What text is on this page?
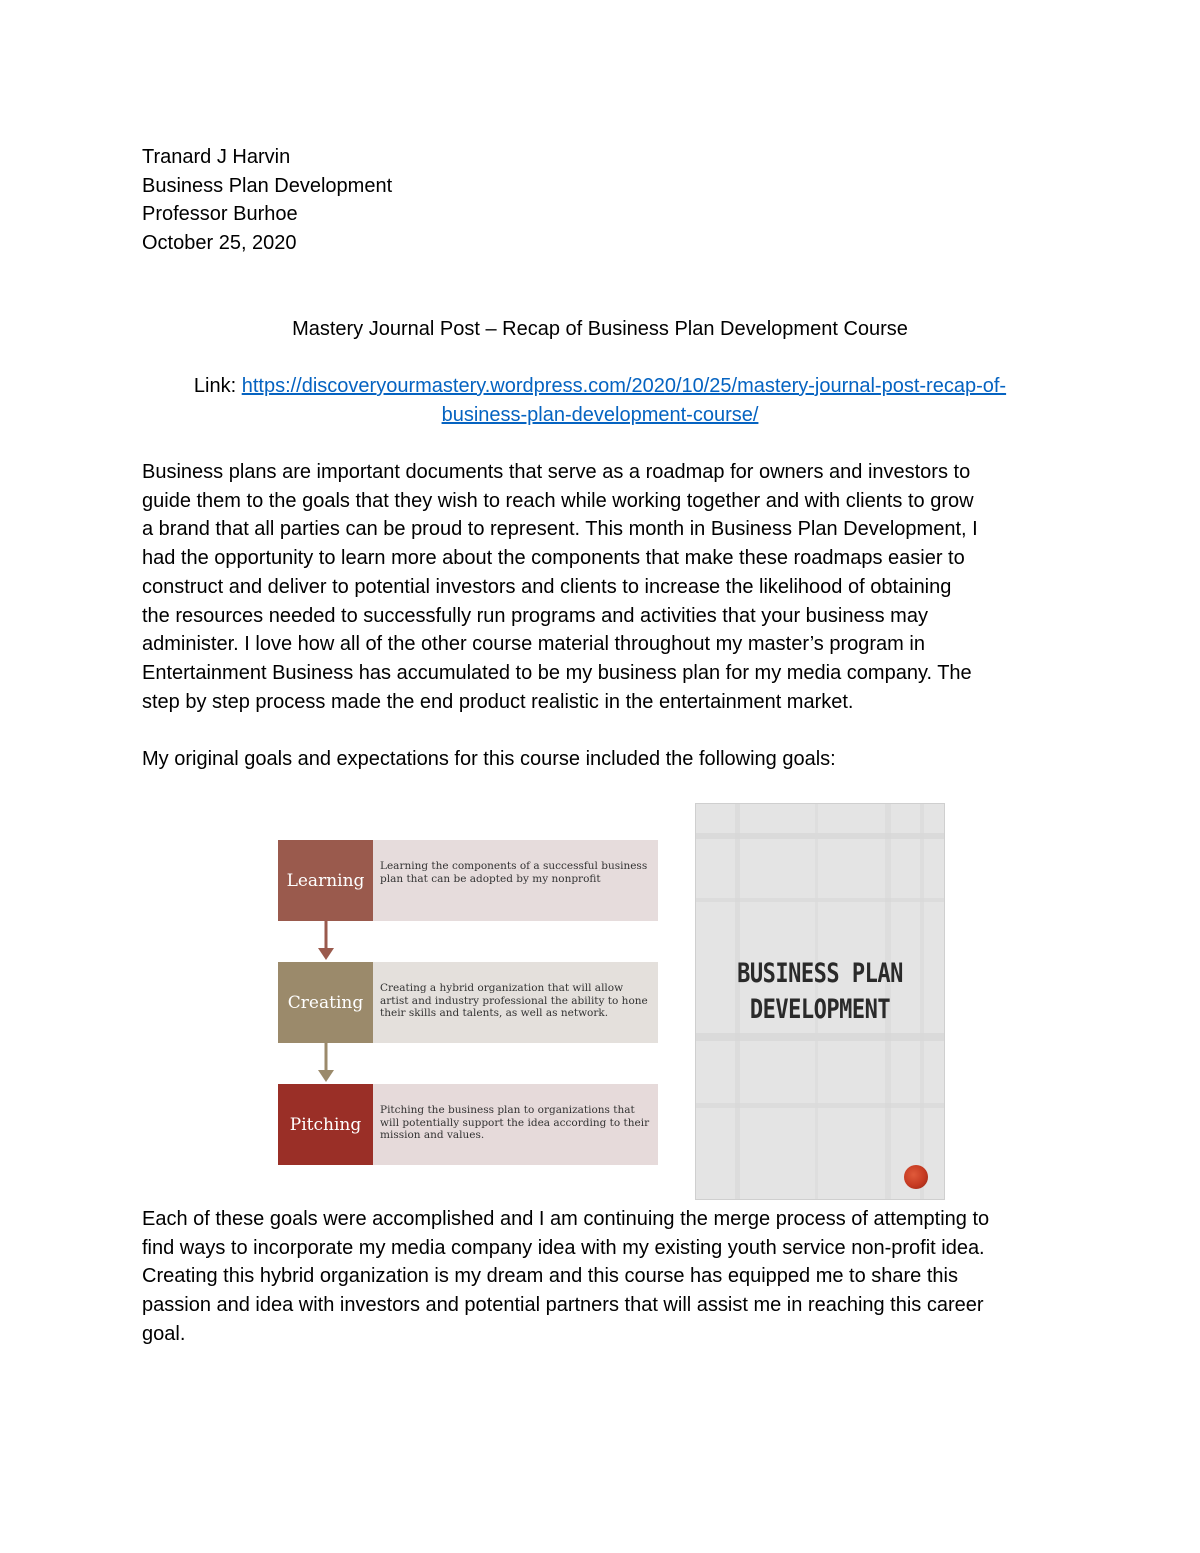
Tranard J Harvin
Business Plan Development
Professor Burhoe
October 25, 2020
Mastery Journal Post – Recap of Business Plan Development Course
Link: https://discoveryourmastery.wordpress.com/2020/10/25/mastery-journal-post-recap-of-
business-plan-development-course/
Business plans are important documents that serve as a roadmap for owners and investors to
guide them to the goals that they wish to reach while working together and with clients to grow
a brand that all parties can be proud to represent. This month in Business Plan Development, I
had the opportunity to learn more about the components that make these roadmaps easier to
construct and deliver to potential investors and clients to increase the likelihood of obtaining
the resources needed to successfully run programs and activities that your business may
administer. I love how all of the other course material throughout my master’s program in
Entertainment Business has accumulated to be my business plan for my media company. The
step by step process made the end product realistic in the entertainment market.
My original goals and expectations for this course included the following goals:
Learning
Learning the components of a successful business plan that can be adopted by my nonprofit
Creating
Creating a hybrid organization that will allow artist and industry professional the ability to hone their skills and talents, as well as network.
Pitching
Pitching the business plan to organizations that will potentially support the idea according to their mission and values.
BUSINESS PLAN
DEVELOPMENT
Each of these goals were accomplished and I am continuing the merge process of attempting to
find ways to incorporate my media company idea with my existing youth service non-profit idea.
Creating this hybrid organization is my dream and this course has equipped me to share this
passion and idea with investors and potential partners that will assist me in reaching this career
goal.
